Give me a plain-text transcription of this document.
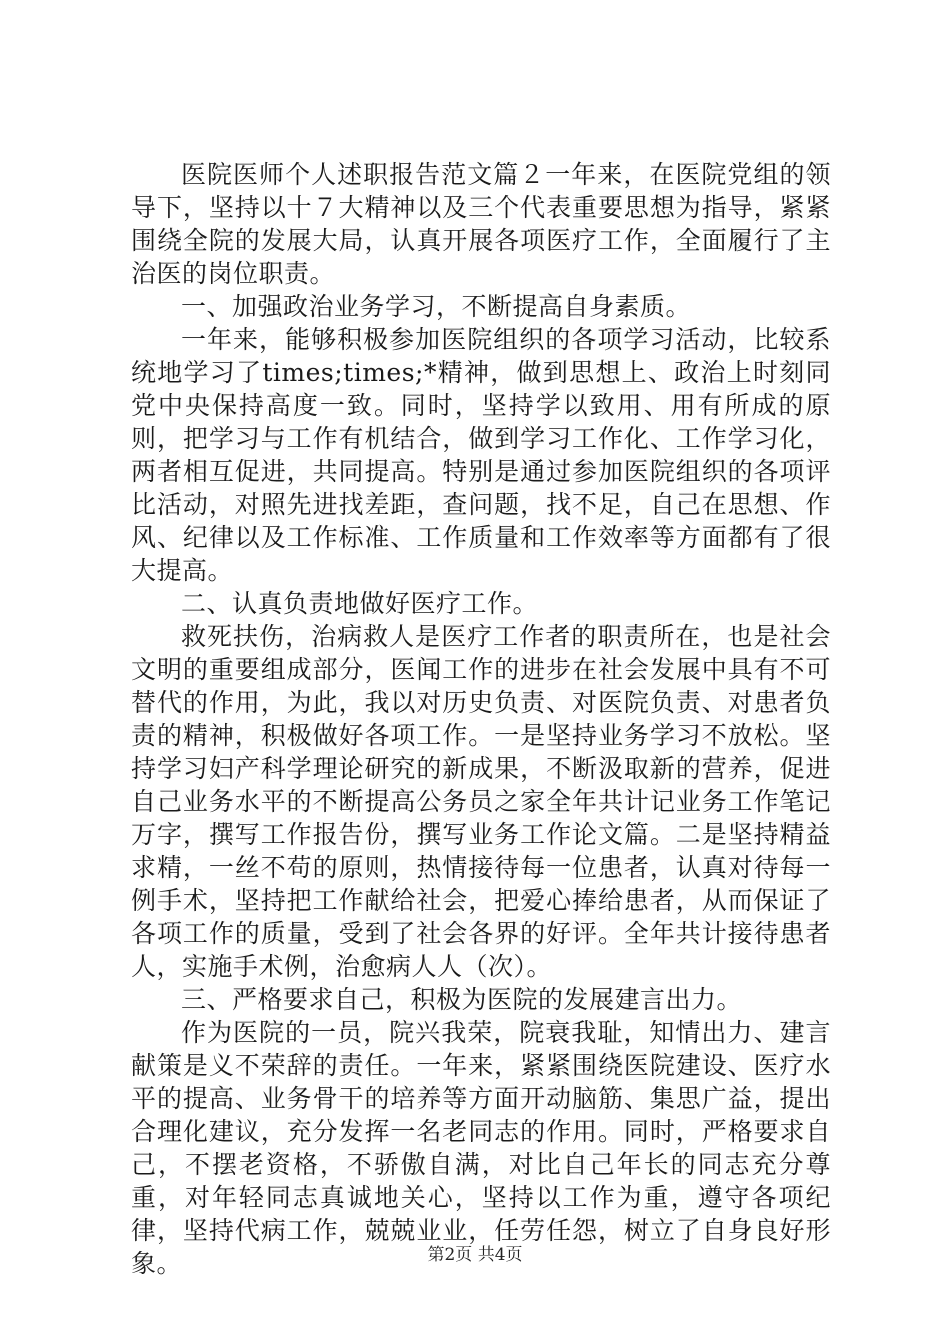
医院医师个人述职报告范文篇２一年来，在医院党组的领导下，坚持以十７大精神以及三个代表重要思想为指导，紧紧围绕全院的发展大局，认真开展各项医疗工作，全面履行了主治医的岗位职责。

一、加强政治业务学习，不断提高自身素质。

一年来，能够积极参加医院组织的各项学习活动，比较系统地学习了times;times;*精神，做到思想上、政治上时刻同党中央保持高度一致。同时，坚持学以致用、用有所成的原则，把学习与工作有机结合，做到学习工作化、工作学习化，两者相互促进，共同提高。特别是通过参加医院组织的各项评比活动，对照先进找差距，查问题，找不足，自己在思想、作风、纪律以及工作标准、工作质量和工作效率等方面都有了很大提高。

二、认真负责地做好医疗工作。

救死扶伤，治病救人是医疗工作者的职责所在，也是社会文明的重要组成部分，医闻工作的进步在社会发展中具有不可替代的作用，为此，我以对历史负责、对医院负责、对患者负责的精神，积极做好各项工作。一是坚持业务学习不放松。坚持学习妇产科学理论研究的新成果，不断汲取新的营养，促进自己业务水平的不断提高公务员之家全年共计记业务工作笔记万字，撰写工作报告份，撰写业务工作论文篇。二是坚持精益求精，一丝不苟的原则，热情接待每一位患者，认真对待每一例手术，坚持把工作献给社会，把爱心捧给患者，从而保证了各项工作的质量，受到了社会各界的好评。全年共计接待患者人，实施手术例，治愈病人人（次）。

三、严格要求自己，积极为医院的发展建言出力。

作为医院的一员，院兴我荣，院衰我耻，知情出力、建言献策是义不荣辞的责任。一年来，紧紧围绕医院建设、医疗水平的提高、业务骨干的培养等方面开动脑筋、集思广益，提出合理化建议，充分发挥一名老同志的作用。同时，严格要求自己，不摆老资格，不骄傲自满，对比自己年长的同志充分尊重，对年轻同志真诚地关心，坚持以工作为重，遵守各项纪律，坚持代病工作，兢兢业业，任劳任怨，树立了自身良好形象。	第2页 共4页
